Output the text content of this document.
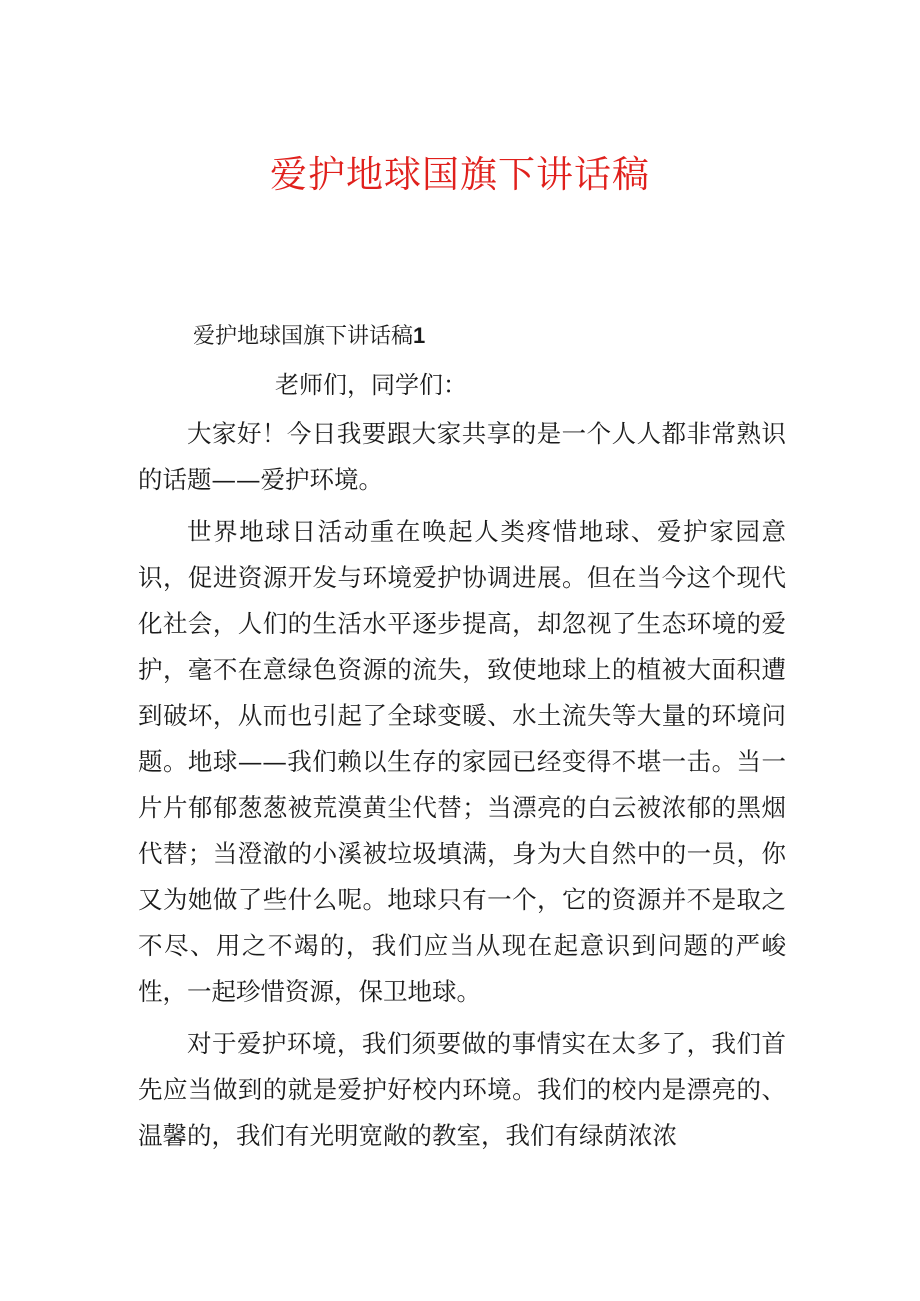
爱护地球国旗下讲话稿
爱护地球国旗下讲话稿1
老师们，同学们：

大家好！今日我要跟大家共享的是一个人人都非常熟识的话题——爱护环境。

世界地球日活动重在唤起人类疼惜地球、爱护家园意识，促进资源开发与环境爱护协调进展。但在当今这个现代化社会，人们的生活水平逐步提高，却忽视了生态环境的爱护，毫不在意绿色资源的流失，致使地球上的植被大面积遭到破坏，从而也引起了全球变暖、水土流失等大量的环境问题。地球——我们赖以生存的家园已经变得不堪一击。当一片片郁郁葱葱被荒漠黄尘代替；当漂亮的白云被浓郁的黑烟代替；当澄澈的小溪被垃圾填满，身为大自然中的一员，你又为她做了些什么呢。地球只有一个，它的资源并不是取之不尽、用之不竭的，我们应当从现在起意识到问题的严峻性，一起珍惜资源，保卫地球。

对于爱护环境，我们须要做的事情实在太多了，我们首先应当做到的就是爱护好校内环境。我们的校内是漂亮的、温馨的，我们有光明宽敞的教室，我们有绿荫浓浓
